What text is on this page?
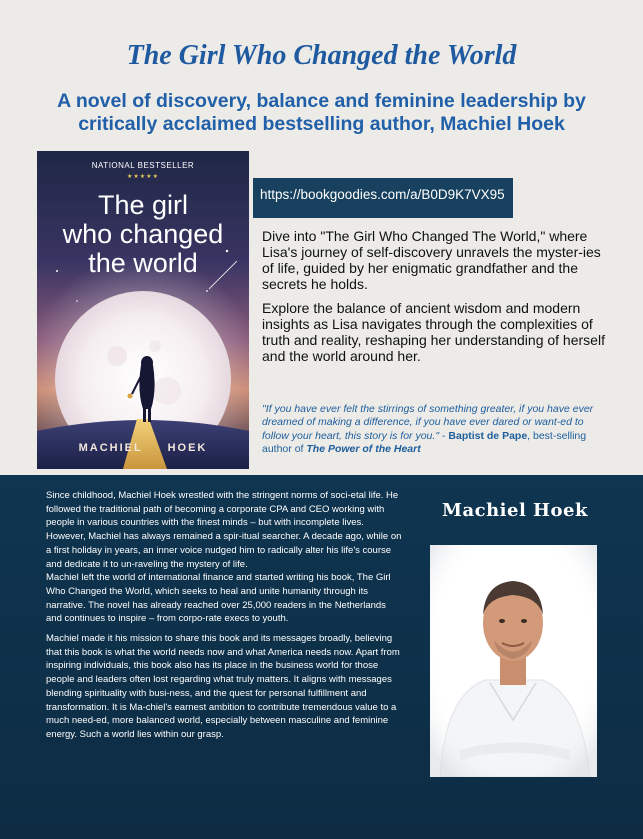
The Girl Who Changed the World
A novel of discovery, balance and feminine leadership by critically acclaimed bestselling author, Machiel Hoek
NATIONAL BESTSELLER
★★★★★
The girl
who changed
the world
MACHIEL HOEK
https://bookgoodies.com/a/B0D9K7VX95

Dive into "The Girl Who Changed The World," where Lisa's journey of self-discovery unravels the myster-ies of life, guided by her enigmatic grandfather and the secrets he holds.

Explore the balance of ancient wisdom and modern insights as Lisa navigates through the complexities of truth and reality, reshaping her understanding of herself and the world around her.

"If you have ever felt the stirrings of something greater, if you have ever dreamed of making a difference, if you have ever dared or want-ed to follow your heart, this story is for you." - Baptist de Pape, best-selling author of The Power of the Heart

Since childhood, Machiel Hoek wrestled with the stringent norms of soci-etal life. He followed the traditional path of becoming a corporate CPA and CEO working with people in various countries with the finest minds – but with incomplete lives. However, Machiel has always remained a spir-itual searcher. A decade ago, while on a first holiday in years, an inner voice nudged him to radically alter his life's course and dedicate it to un-raveling the mystery of life.

Machiel left the world of international finance and started writing his book, The Girl Who Changed the World, which seeks to heal and unite humanity through its narrative. The novel has already reached over 25,000 readers in the Netherlands and continues to inspire – from corpo-rate execs to youth.

Machiel made it his mission to share this book and its messages broadly, believing that this book is what the world needs now and what America needs now. Apart from inspiring individuals, this book also has its place in the business world for those people and leaders often lost regarding what truly matters. It aligns with messages blending spirituality with busi-ness, and the quest for personal fulfillment and transformation. It is Ma-chiel's earnest ambition to contribute tremendous value to a much need-ed, more balanced world, especially between masculine and feminine energy. Such a world lies within our grasp.

Machiel Hoek
